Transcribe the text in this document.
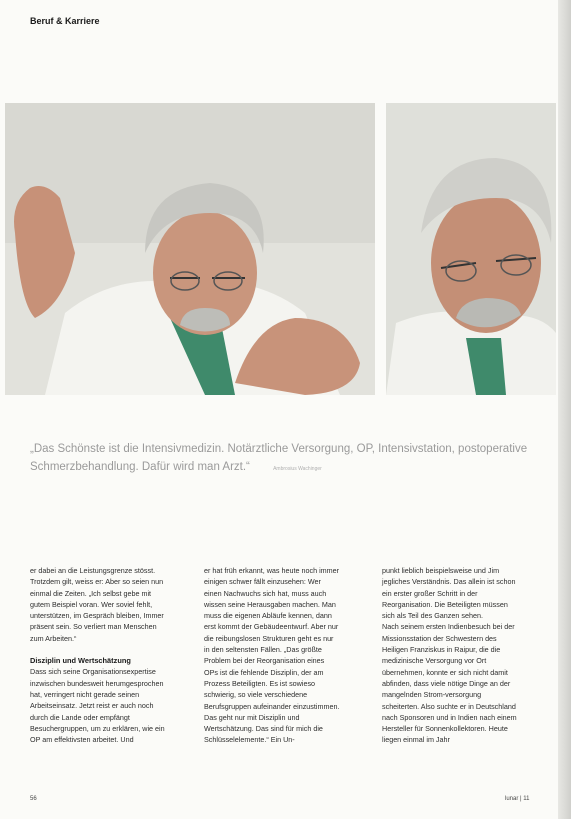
Beruf & Karriere
„Das Schönste ist die Intensivmedizin. Notärztliche Versorgung, OP, Intensivstation, postoperative Schmerzbehandlung. Dafür wird man Arzt.“	Ambrosius Wachinger

er dabei an die Leistungsgrenze stösst. Trotzdem gilt, weiss er: Aber so seien nun einmal die Zeiten. „Ich selbst gebe mit gutem Beispiel voran. Wer soviel fehlt, unterstützen, im Gespräch bleiben, Immer präsent sein. So verliert man Menschen zum Arbeiten.“

Disziplin und Wertschätzung

Dass sich seine Organisationsexpertise inzwischen bundesweit herumgesprochen hat, verringert nicht gerade seinen Arbeitseinsatz. Jetzt reist er auch noch durch die Lande oder empfängt Besuchergruppen, um zu erklären, wie ein OP am effektivsten arbeitet. Und

er hat früh erkannt, was heute noch immer einigen schwer fällt einzusehen: Wer einen Nachwuchs sich hat, muss auch wissen seine Herausgaben machen. Man muss die eigenen Abläufe kennen, dann erst kommt der Gebäudeentwurf. Aber nur die reibungslosen Strukturen geht es nur in den seltensten Fällen. „Das größte Problem bei der Reorganisation eines OPs ist die fehlende Disziplin, der am Prozess Beteiligten. Es ist sowieso schwierig, so viele verschiedene Berufsgruppen aufeinander einzustimmen. Das geht nur mit Disziplin und Wertschätzung. Das sind für mich die Schlüsselelemente.“ Ein Un-

punkt lieblich beispielsweise und Jim jegliches Verständnis. Das allein ist schon ein erster großer Schritt in der Reorganisation. Die Beteiligten müssen sich als Teil des Ganzen sehen.

Nach seinem ersten Indienbesuch bei der Missionsstation der Schwestern des Heiligen Franziskus in Raipur, die die medizinische Versorgung vor Ort übernehmen, konnte er sich nicht damit abfinden, dass viele nötige Dinge an der mangelnden Strom-versorgung scheiterten. Also suchte er in Deutschland nach Sponsoren und in Indien nach einem Hersteller für Sonnenkollektoren. Heute liegen einmal im Jahr

56	lunar | 11
